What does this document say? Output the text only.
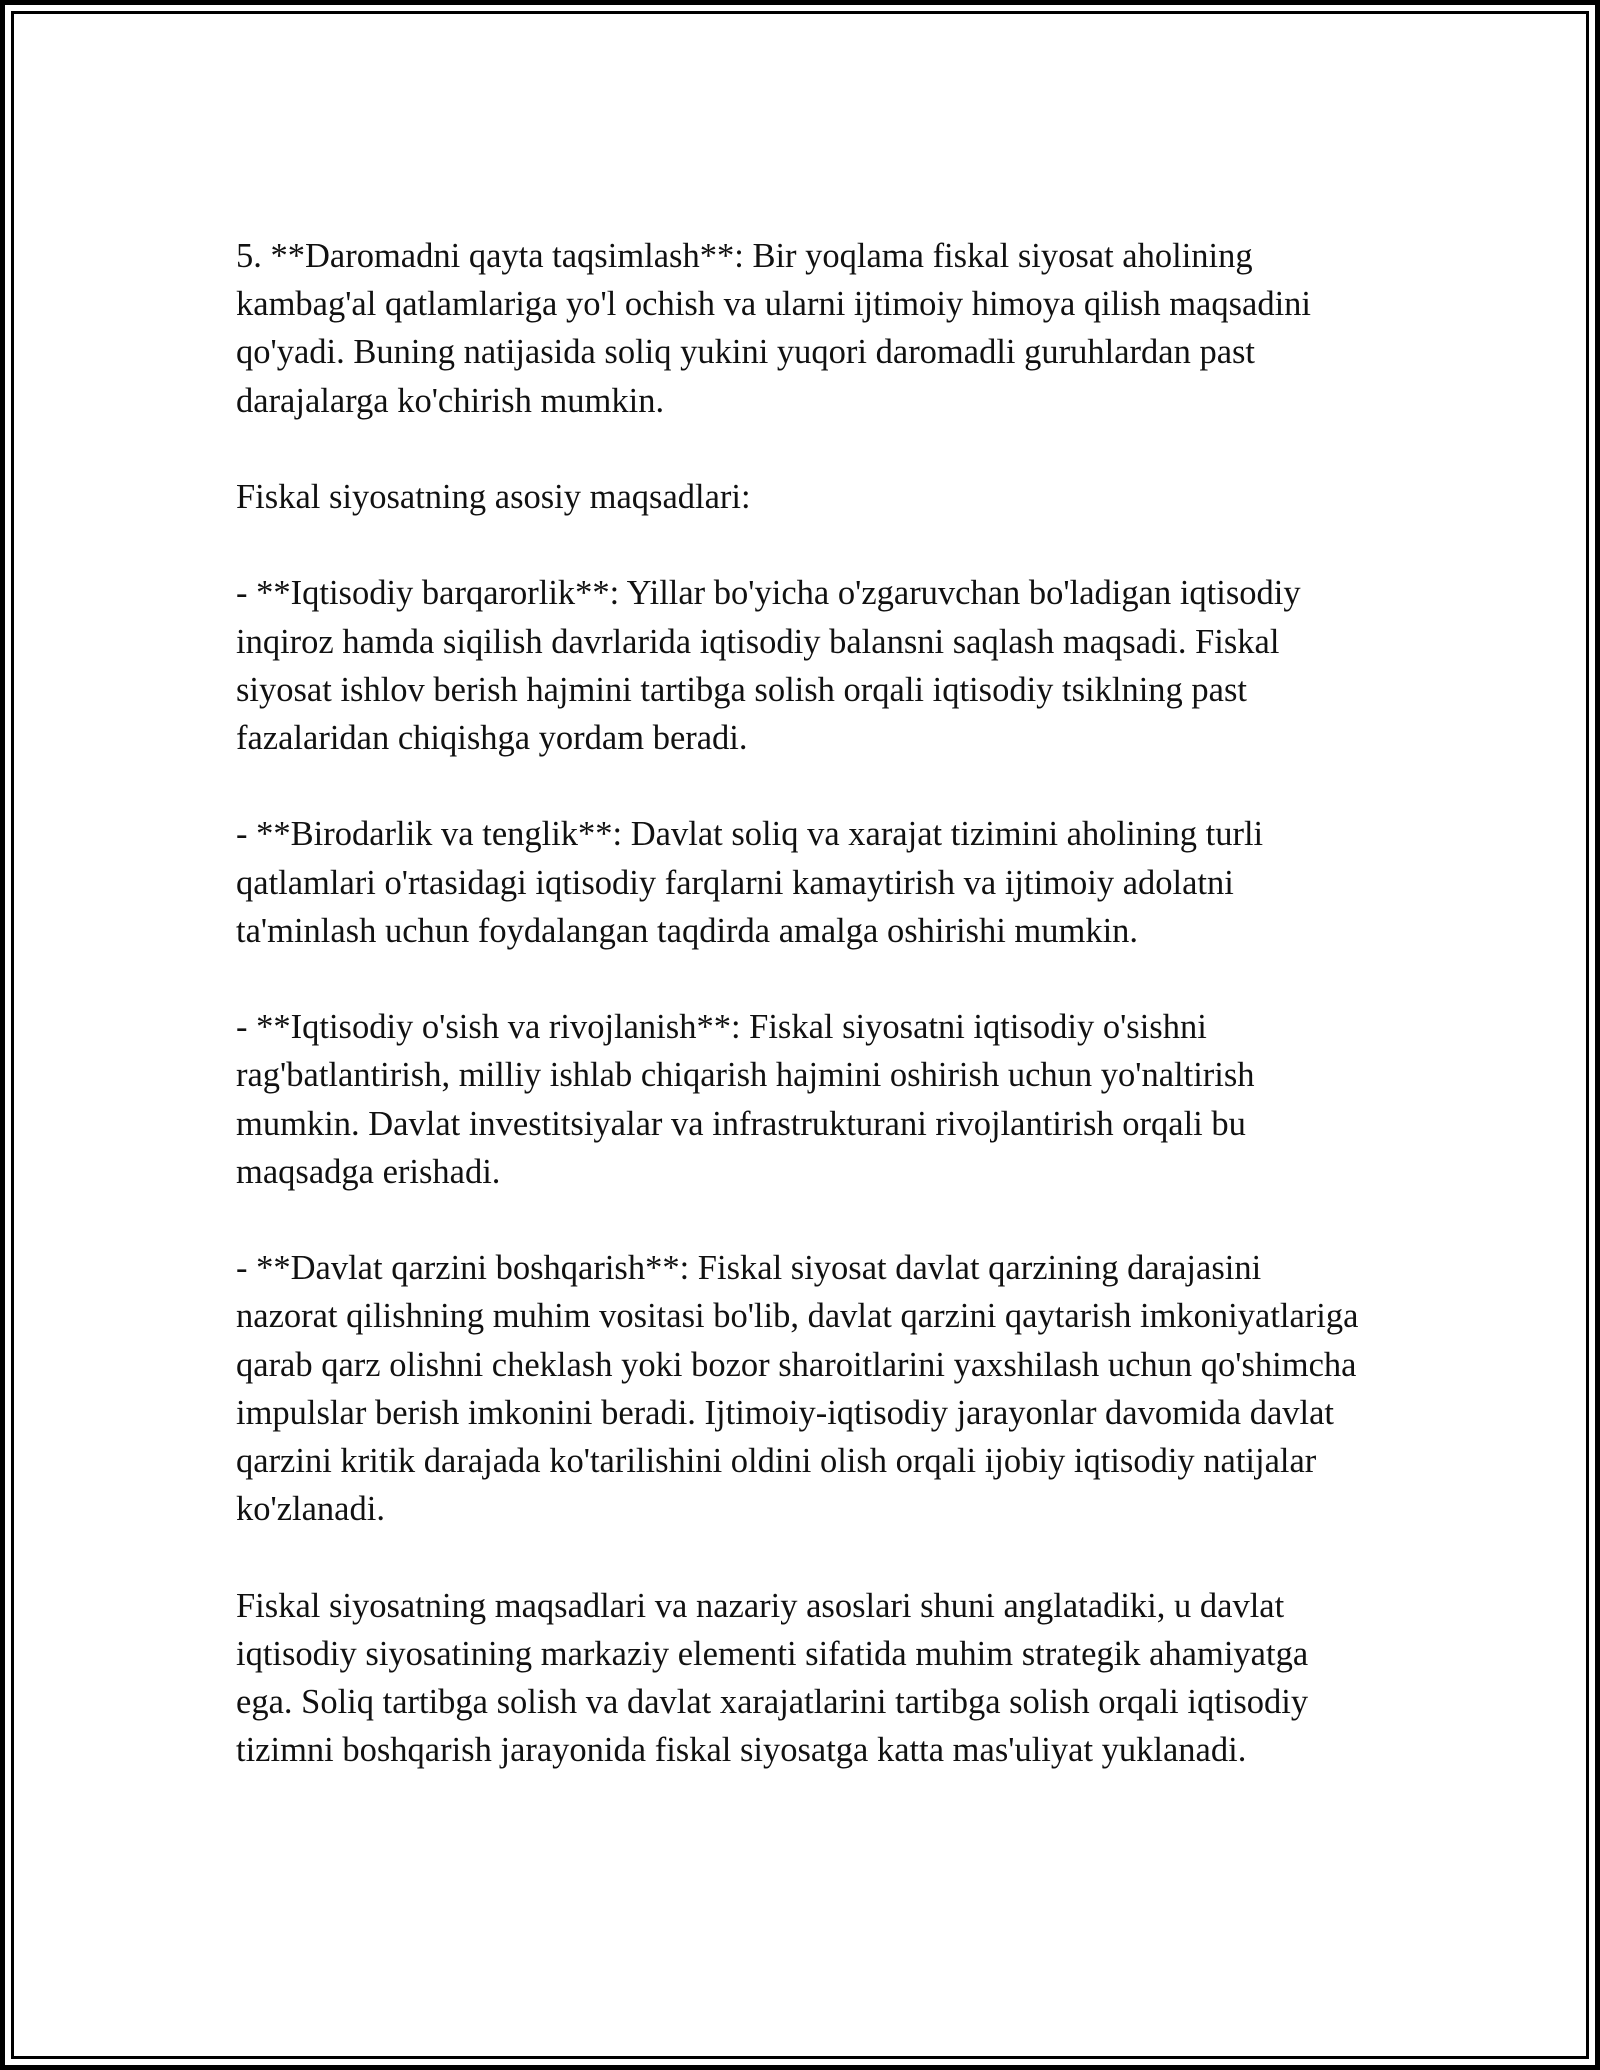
5. **Daromadni qayta taqsimlash**: Bir yoqlama fiskal siyosat aholining kambag'al qatlamlariga yo'l ochish va ularni ijtimoiy himoya qilish maqsadini qo'yadi. Buning natijasida soliq yukini yuqori daromadli guruhlardan past darajalarga ko'chirish mumkin.

Fiskal siyosatning asosiy maqsadlari:

- **Iqtisodiy barqarorlik**: Yillar bo'yicha o'zgaruvchan bo'ladigan iqtisodiy inqiroz hamda siqilish davrlarida iqtisodiy balansni saqlash maqsadi. Fiskal siyosat ishlov berish hajmini tartibga solish orqali iqtisodiy tsiklning past fazalaridan chiqishga yordam beradi.

- **Birodarlik va tenglik**: Davlat soliq va xarajat tizimini aholining turli qatlamlari o'rtasidagi iqtisodiy farqlarni kamaytirish va ijtimoiy adolatni ta'minlash uchun foydalangan taqdirda amalga oshirishi mumkin.

- **Iqtisodiy o'sish va rivojlanish**: Fiskal siyosatni iqtisodiy o'sishni rag'batlantirish, milliy ishlab chiqarish hajmini oshirish uchun yo'naltirish mumkin. Davlat investitsiyalar va infrastrukturani rivojlantirish orqali bu maqsadga erishadi.

- **Davlat qarzini boshqarish**: Fiskal siyosat davlat qarzining darajasini nazorat qilishning muhim vositasi bo'lib, davlat qarzini qaytarish imkoniyatlariga qarab qarz olishni cheklash yoki bozor sharoitlarini yaxshilash uchun qo'shimcha impulslar berish imkonini beradi. Ijtimoiy-iqtisodiy jarayonlar davomida davlat qarzini kritik darajada ko'tarilishini oldini olish orqali ijobiy iqtisodiy natijalar ko'zlanadi.

Fiskal siyosatning maqsadlari va nazariy asoslari shuni anglatadiki, u davlat iqtisodiy siyosatining markaziy elementi sifatida muhim strategik ahamiyatga ega. Soliq tartibga solish va davlat xarajatlarini tartibga solish orqali iqtisodiy tizimni boshqarish jarayonida fiskal siyosatga katta mas'uliyat yuklanadi.
